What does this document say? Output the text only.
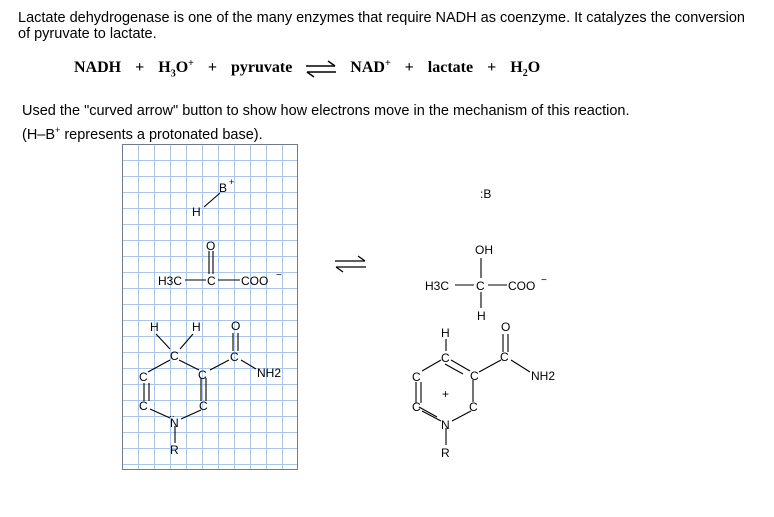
Lactate dehydrogenase is one of the many enzymes that require NADH as coenzyme. It catalyzes the conversion of pyruvate to lactate.

NADH + $H_3O^+$ + pyruvate ⇌ NAD+ + lactate + $H_2O$

Used the "curved arrow" button to show how electrons move in the mechanism of this reaction.
(H–B+ represents a protonated base).

H
B +
O
H3C C COO −
H	H
C
C
C
C	C
..
N
R
C
O
NH2
:B
OH
H3C C COO −
H
H
C
C
C
C	C
+
N
R
C
O
NH2
